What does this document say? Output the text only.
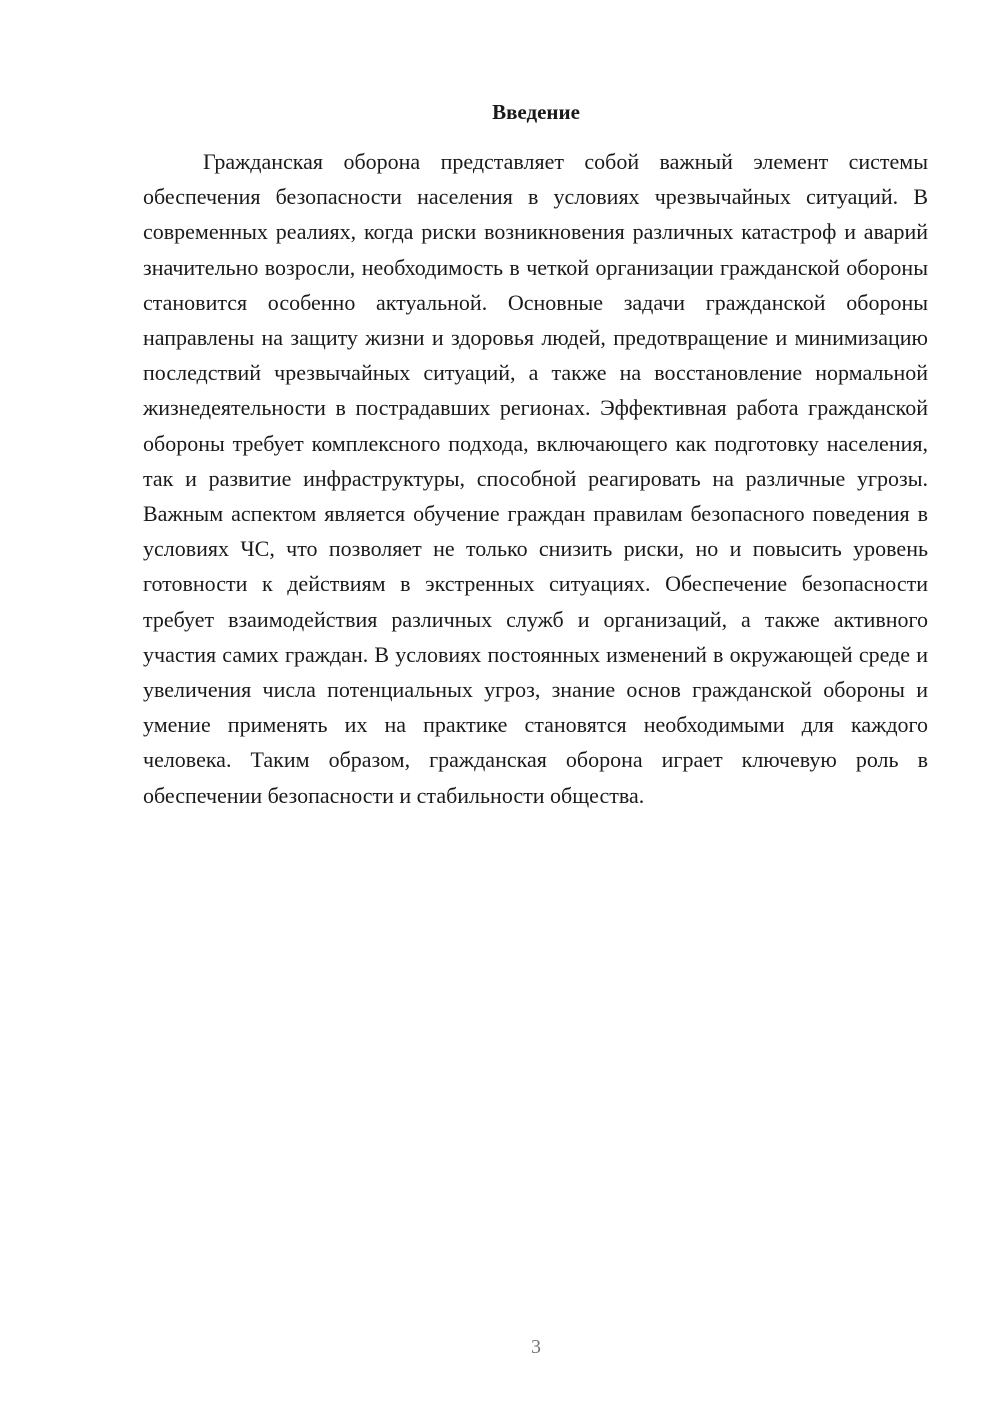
Введение

Гражданская оборона представляет собой важный элемент системы обеспечения безопасности населения в условиях чрезвычайных ситуаций. В современных реалиях, когда риски возникновения различных катастроф и аварий значительно возросли, необходимость в четкой организации гражданской обороны становится особенно актуальной. Основные задачи гражданской обороны направлены на защиту жизни и здоровья людей, предотвращение и минимизацию последствий чрезвычайных ситуаций, а также на восстановление нормальной жизнедеятельности в пострадавших регионах. Эффективная работа гражданской обороны требует комплексного подхода, включающего как подготовку населения, так и развитие инфраструктуры, способной реагировать на различные угрозы. Важным аспектом является обучение граждан правилам безопасного поведения в условиях ЧС, что позволяет не только снизить риски, но и повысить уровень готовности к действиям в экстренных ситуациях. Обеспечение безопасности требует взаимодействия различных служб и организаций, а также активного участия самих граждан. В условиях постоянных изменений в окружающей среде и увеличения числа потенциальных угроз, знание основ гражданской обороны и умение применять их на практике становятся необходимыми для каждого человека. Таким образом, гражданская оборона играет ключевую роль в обеспечении безопасности и стабильности общества.

3
